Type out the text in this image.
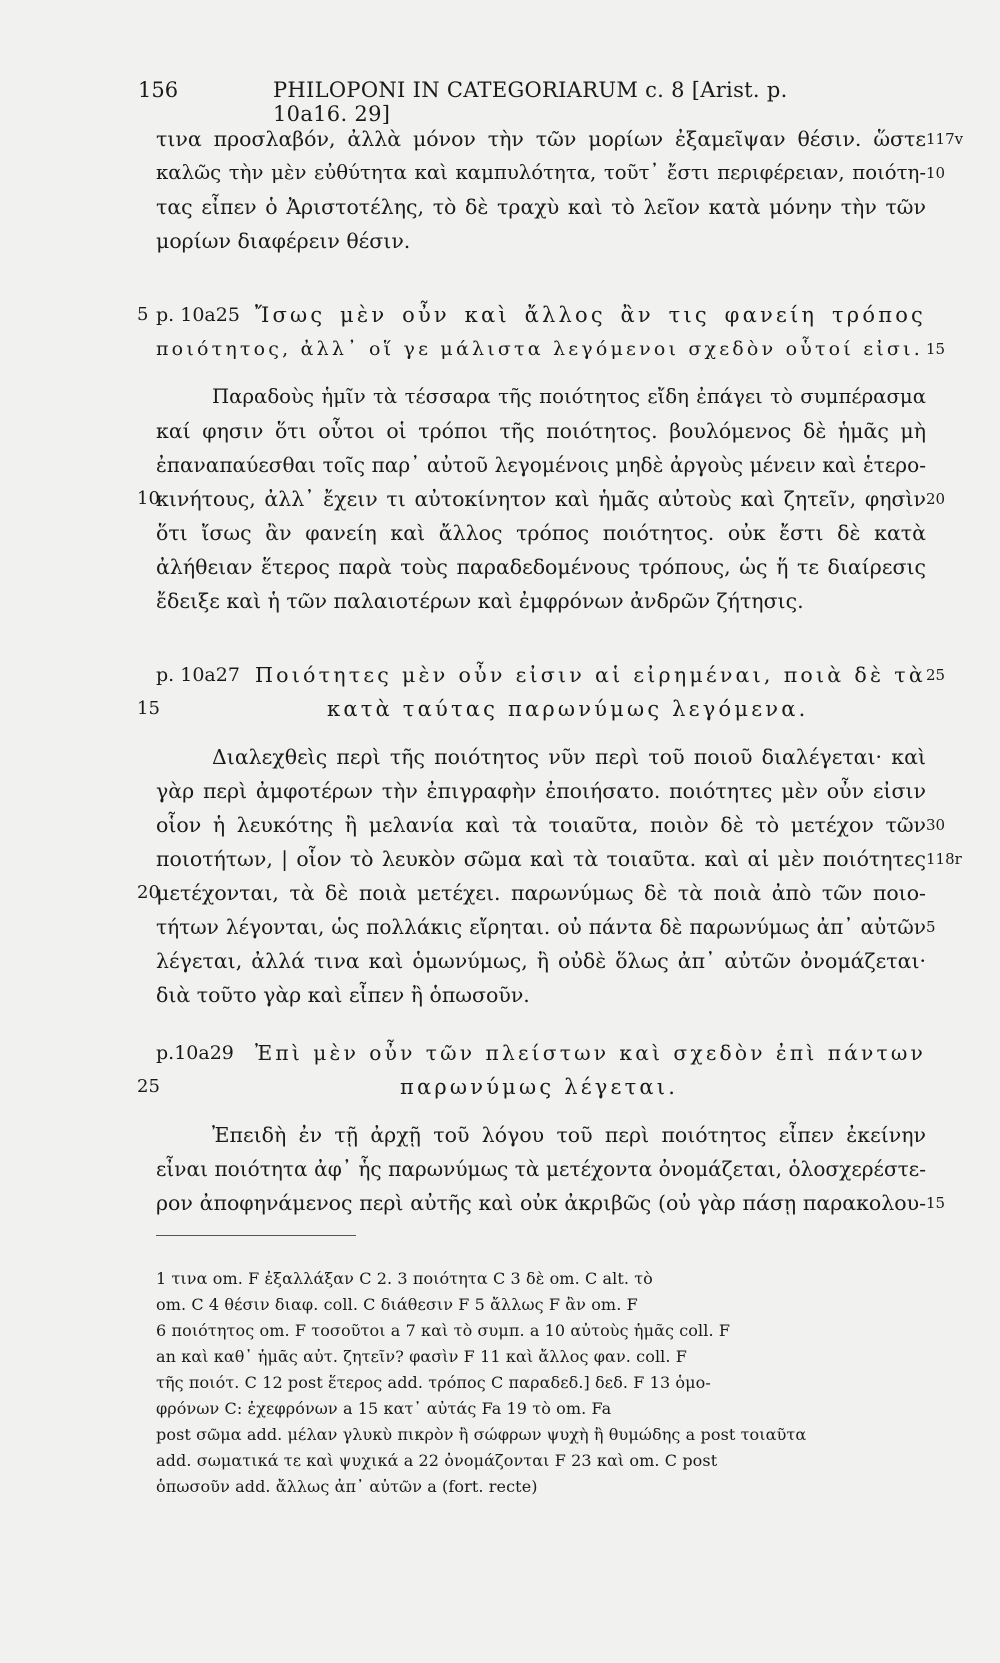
156	PHILOPONI IN CATEGORIARUM c. 8 [Arist. p. 10a16. 29]
τινα προσλαβόν, ἀλλὰ μόνον τὴν τῶν μορίων ἐξαμεῖψαν θέσιν. ὥστε 117v
καλῶς τὴν μὲν εὐθύτητα καὶ καμπυλότητα, τοῦτ᾽ ἔστι περιφέρειαν, ποιότη- 10
τας εἶπεν ὁ Ἀριστοτέλης, τὸ δὲ τραχὺ καὶ τὸ λεῖον κατὰ μόνην τὴν τῶν
μορίων διαφέρειν θέσιν.
5 p. 10a25 Ἴσως μὲν οὖν καὶ ἄλλος ἂν τις φανείη τρόπος
ποιότητος, ἀλλ᾽ οἵ γε μάλιστα λεγόμενοι σχεδὸν οὗτοί εἰσι. 15
Παραδοὺς ἡμῖν τὰ τέσσαρα τῆς ποιότητος εἴδη ἐπάγει τὸ συμπέρασμα
καί φησιν ὅτι οὗτοι οἱ τρόποι τῆς ποιότητος. βουλόμενος δὲ ἡμᾶς μὴ
ἐπαναπαύεσθαι τοῖς παρ᾽ αὐτοῦ λεγομένοις μηδὲ ἀργοὺς μένειν καὶ ἑτερο-
10
κινήτους, ἀλλ᾽ ἔχειν τι αὐτοκίνητον καὶ ἡμᾶς αὐτοὺς καὶ ζητεῖν, φησὶν 20
ὅτι ἴσως ἂν φανείη καὶ ἄλλος τρόπος ποιότητος. οὐκ ἔστι δὲ κατὰ
ἀλήθειαν ἕτερος παρὰ τοὺς παραδεδομένους τρόπους, ὡς ἥ τε διαίρεσις
ἔδειξε καὶ ἡ τῶν παλαιοτέρων καὶ ἐμφρόνων ἀνδρῶν ζήτησις.
p. 10a27 Ποιότητες μὲν οὖν εἰσιν αἱ εἰρημέναι, ποιὰ δὲ τὰ 25
15	κατὰ ταύτας παρωνύμως λεγόμενα.
Διαλεχθεὶς περὶ τῆς ποιότητος νῦν περὶ τοῦ ποιοῦ διαλέγεται· καὶ
γὰρ περὶ ἀμφοτέρων τὴν ἐπιγραφὴν ἐποιήσατο. ποιότητες μὲν οὖν εἰσιν
οἷον ἡ λευκότης ἢ μελανία καὶ τὰ τοιαῦτα, ποιὸν δὲ τὸ μετέχον τῶν 30
ποιοτήτων, | οἷον τὸ λευκὸν σῶμα καὶ τὰ τοιαῦτα. καὶ αἱ μὲν ποιότητες 118r
20
μετέχονται, τὰ δὲ ποιὰ μετέχει. παρωνύμως δὲ τὰ ποιὰ ἀπὸ τῶν ποιο-
τήτων λέγονται, ὡς πολλάκις εἴρηται. οὐ πάντα δὲ παρωνύμως ἀπ᾽ αὐτῶν 5
λέγεται, ἀλλά τινα καὶ ὁμωνύμως, ἢ οὐδὲ ὅλως ἀπ᾽ αὐτῶν ὀνομάζεται·
διὰ τοῦτο γὰρ καὶ εἶπεν ἢ ὁπωσοῦν.
p.10a29 Ἐπὶ μὲν οὖν τῶν πλείστων καὶ σχεδὸν ἐπὶ πάντων
25	παρωνύμως λέγεται.
Ἐπειδὴ ἐν τῇ ἀρχῇ τοῦ λόγου τοῦ περὶ ποιότητος εἶπεν ἐκείνην
εἶναι ποιότητα ἀφ᾽ ἧς παρωνύμως τὰ μετέχοντα ὀνομάζεται, ὁλοσχερέστε-
ρον ἀποφηνάμενος περὶ αὐτῆς καὶ οὐκ ἀκριβῶς (οὐ γὰρ πάσῃ παρακολου- 15
1 τινα om. F ἐξαλλάξαν C 2. 3 ποιότητα C 3 δὲ om. C alt. τὸ
om. C 4 θέσιν διαφ. coll. C διάθεσιν F 5 ἄλλως F ἂν om. F
6 ποιότητος om. F τοσοῦτοι a 7 καὶ τὸ συμπ. a 10 αὐτοὺς ἡμᾶς coll. F
an καὶ καθ᾽ ἡμᾶς αὐτ. ζητεῖν? φασὶν F 11 καὶ ἄλλος φαν. coll. F
τῆς ποιότ. C 12 post ἕτερος add. τρόπος C παραδεδ.] δεδ. F 13 ὁμο-
φρόνων C: ἐχεφρόνων a 15 κατ᾽ αὐτάς Fa 19 τὸ om. Fa
post σῶμα add. μέλαν γλυκὺ πικρὸν ἢ σώφρων ψυχὴ ἢ θυμώδης a post τοιαῦτα
add. σωματικά τε καὶ ψυχικά a 22 ὀνομάζονται F 23 καὶ om. C post
ὁπωσοῦν add. ἄλλως ἀπ᾽ αὐτῶν a (fort. recte)
